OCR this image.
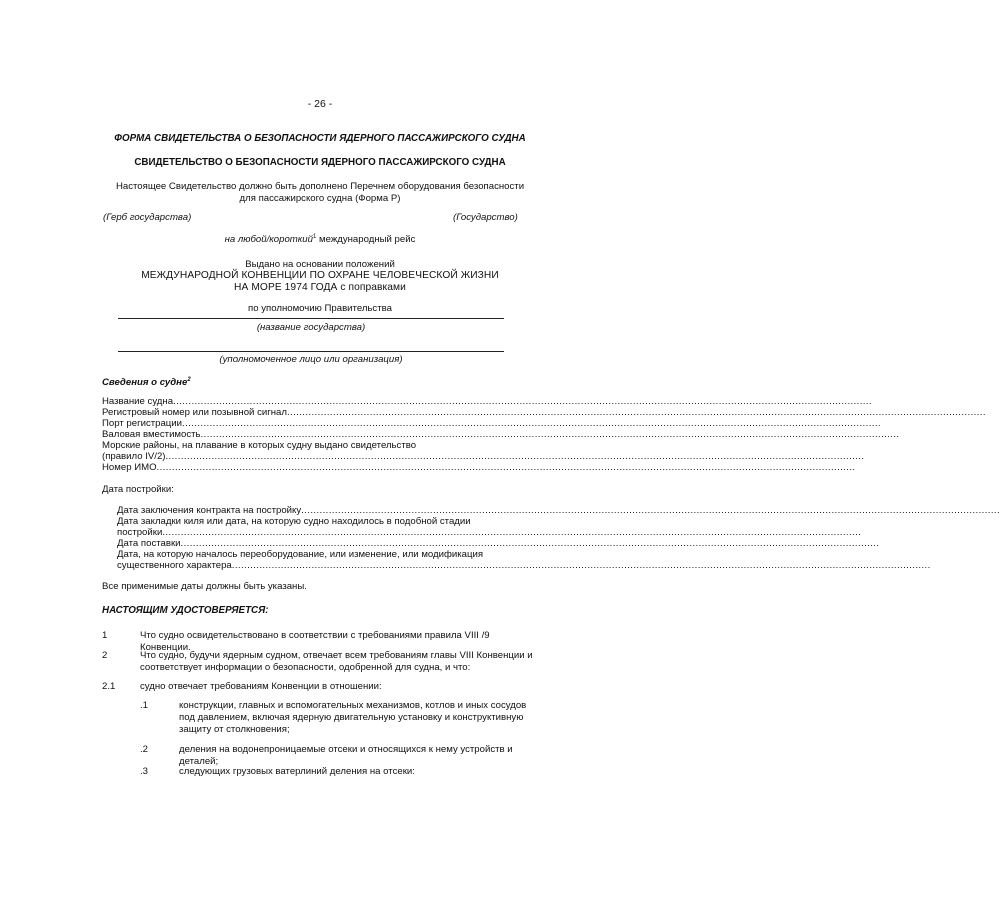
- 26 -
ФОРМА СВИДЕТЕЛЬСТВА О БЕЗОПАСНОСТИ ЯДЕРНОГО ПАССАЖИРСКОГО СУДНА
СВИДЕТЕЛЬСТВО О БЕЗОПАСНОСТИ ЯДЕРНОГО ПАССАЖИРСКОГО СУДНА
Настоящее Свидетельство должно быть дополнено Перечнем оборудования безопасности
для пассажирского судна (Форма P)
(Герб государства)	(Государство)
на любой/короткий$^1$ международный рейс
Выдано на основании положений
МЕЖДУНАРОДНОЙ КОНВЕНЦИИ ПО ОХРАНЕ ЧЕЛОВЕЧЕСКОЙ ЖИЗНИ
НА МОРЕ 1974 ГОДА с поправками
по уполномочию Правительства
(название государства)
(уполномоченное лицо или организация)
Сведения о судне$^2$
Название судна ....................................................................................................................................................................................................................................
Регистровый номер или позывной сигнал ....................................................................................................................................................................................................................................
Порт регистрации ....................................................................................................................................................................................................................................
Валовая вместимость ....................................................................................................................................................................................................................................
Морские районы, на плавание в которых судну выдано свидетельство
(правило IV/2) ....................................................................................................................................................................................................................................
Номер ИМО ....................................................................................................................................................................................................................................
Дата постройки:
Дата заключения контракта на постройку ....................................................................................................................................................................................................................................
Дата закладки киля или дата, на которую судно находилось в подобной стадии
постройки ....................................................................................................................................................................................................................................
Дата поставки ....................................................................................................................................................................................................................................
Дата, на которую началось переоборудование, или изменение, или модификация
существенного характера ....................................................................................................................................................................................................................................
Все применимые даты должны быть указаны.
НАСТОЯЩИМ УДОСТОВЕРЯЕТСЯ:
1	Что судно освидетельствовано в соответствии с требованиями правила VIII /9 Конвенции.
2	Что судно, будучи ядерным судном, отвечает всем требованиям главы VIII Конвенции и соответствует информации о безопасности, одобренной для судна, и что:
2.1	судно отвечает требованиям Конвенции в отношении:
.1	конструкции, главных и вспомогательных механизмов, котлов и иных сосудов под давлением, включая ядерную двигательную установку и конструктивную защиту от столкновения;
.2	деления на водонепроницаемые отсеки и относящихся к нему устройств и деталей;
.3	следующих грузовых ватерлиний деления на отсеки:
